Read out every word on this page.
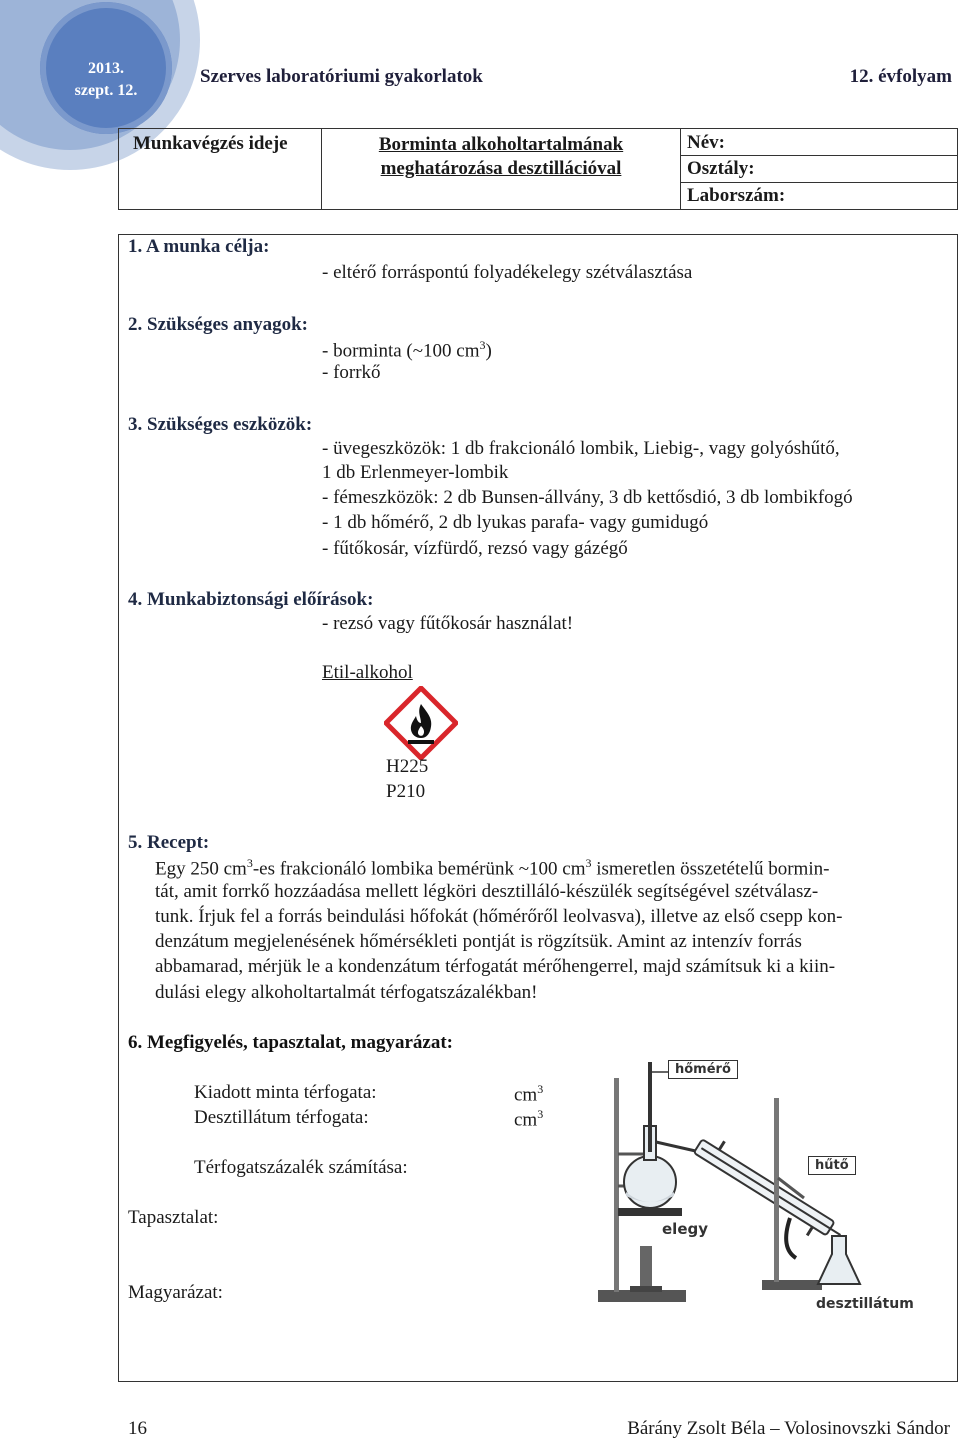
2013.
szept. 12.
Szerves laboratóriumi gyakorlatok	12. évfolyam
Munkavégzés ideje	Borminta alkoholtartalmának
meghatározása desztillációval

Név:
Osztály:
Laborszám:
1. A munka célja:
- eltérő forráspontú folyadékelegy szétválasztása
2. Szükséges anyagok:
- borminta (~100 $cm^3$)
- forrkő
3. Szükséges eszközök:
- üvegeszközök: 1 db frakcionáló lombik, Liebig-, vagy golyóshűtő,
1 db Erlenmeyer-lombik
- fémeszközök: 2 db Bunsen-állvány, 3 db kettősdió, 3 db lombikfogó
- 1 db hőmérő, 2 db lyukas parafa- vagy gumidugó
- fűtőkosár, vízfürdő, rezsó vagy gázégő
4. Munkabiztonsági előírások:
- rezsó vagy fűtőkosár használat!
Etil-alkohol
H225
P210
5. Recept:
Egy 250 $cm^3-es$ frakcionáló lombika bemérünk ~100 $cm^3$ ismeretlen összetételű bormin-
tát, amit forrkő hozzáadása mellett légköri desztilláló-készülék segítségével szétválasz-
tunk. Írjuk fel a forrás beindulási hőfokát (hőmérőről leolvasva), illetve az első csepp kon-
denzátum megjelenésének hőmérsékleti pontját is rögzítsük. Amint az intenzív forrás
abbamarad, mérjük le a kondenzátum térfogatát mérőhengerrel, majd számítsuk ki a kiin-
dulási elegy alkoholtartalmát térfogatszázalékban!
6. Megfigyelés, tapasztalat, magyarázat:
Kiadott minta térfogata:	$cm^3$
Desztillátum térfogata:	$cm^3$
Térfogatszázalék számítása:
Tapasztalat:
Magyarázat:
hőmérő
hűtő
elegy
desztillátum
16	Bárány Zsolt Béla – Volosinovszki Sándor
